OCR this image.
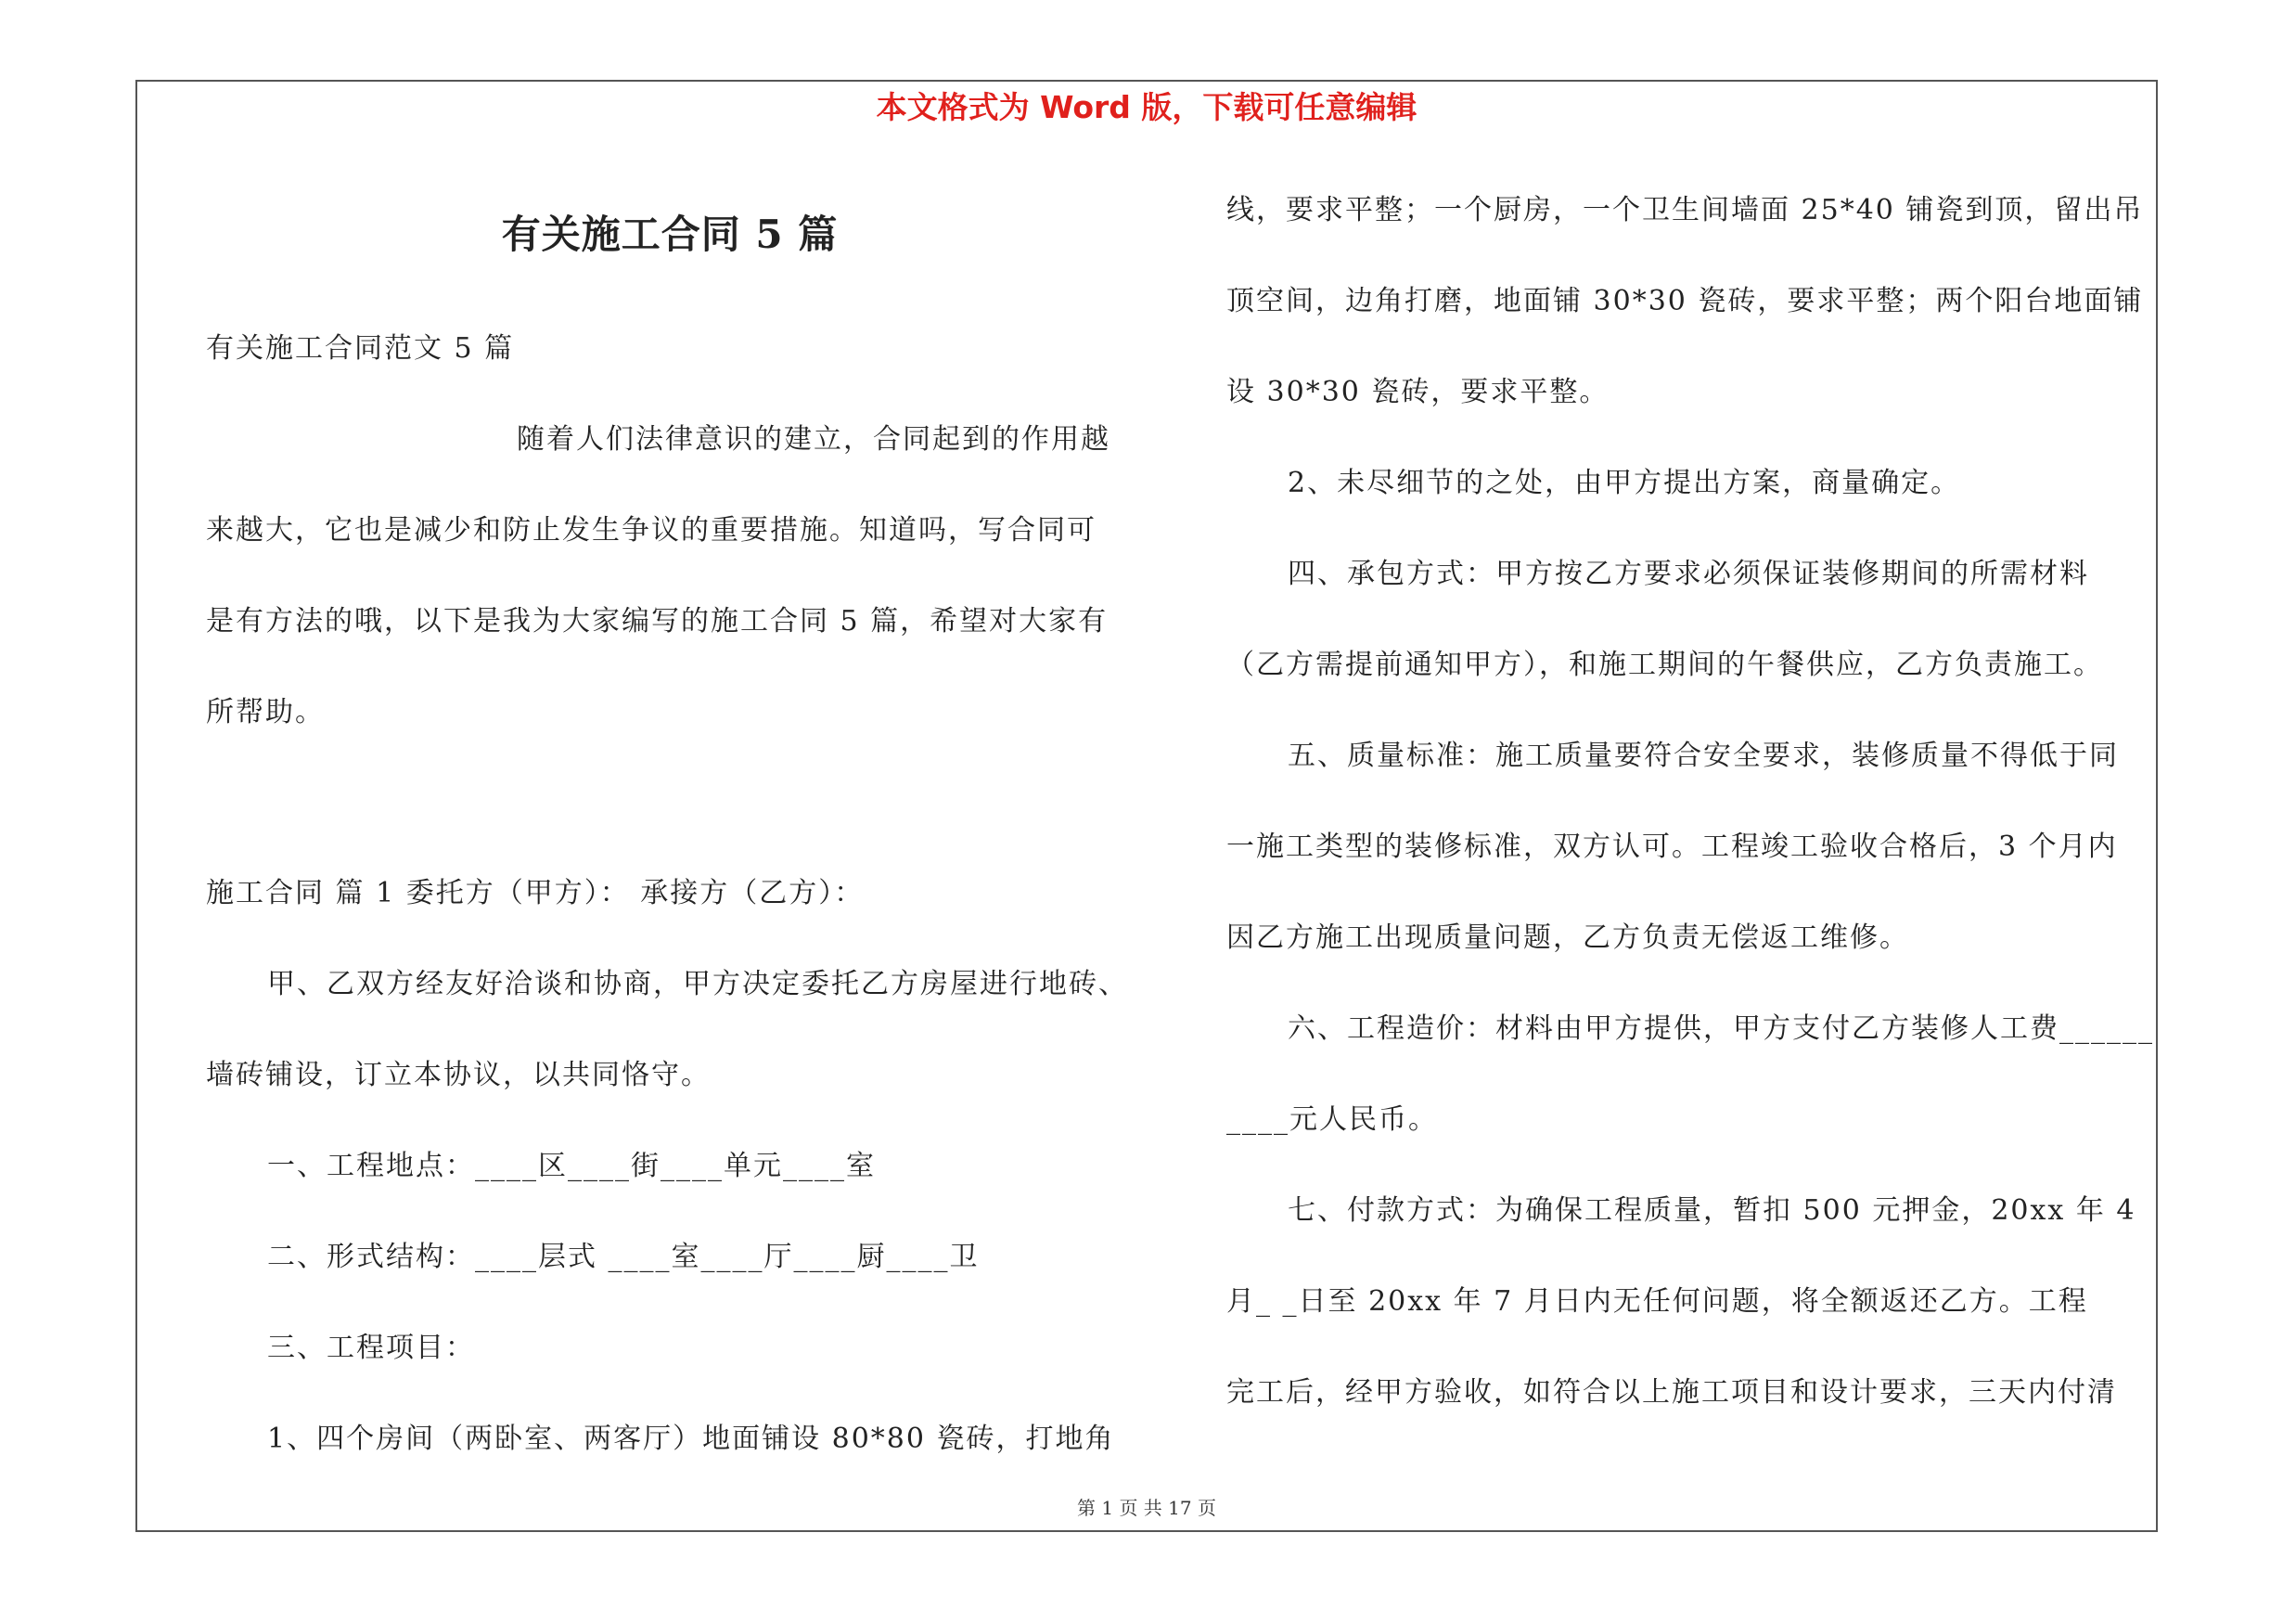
本文格式为 Word 版，下载可任意编辑
有关施工合同 5 篇
有关施工合同范文 5 篇
随着人们法律意识的建立，合同起到的作用越
来越大，它也是减少和防止发生争议的重要措施。知道吗，写合同可
是有方法的哦，以下是我为大家编写的施工合同 5 篇，希望对大家有
所帮助。
施工合同 篇 1 委托方（甲方）： 承接方（乙方）：
甲、乙双方经友好洽谈和协商，甲方决定委托乙方房屋进行地砖、
墙砖铺设，订立本协议，以共同恪守。
一、工程地点：____区____街____单元____室
二、形式结构：____层式 ____室____厅____厨____卫
三、工程项目：
1、四个房间（两卧室、两客厅）地面铺设 80*80 瓷砖，打地角
线，要求平整；一个厨房，一个卫生间墙面 25*40 铺瓷到顶，留出吊
顶空间，边角打磨，地面铺 30*30 瓷砖，要求平整；两个阳台地面铺
设 30*30 瓷砖，要求平整。
2、未尽细节的之处，由甲方提出方案，商量确定。
四、承包方式：甲方按乙方要求必须保证装修期间的所需材料
（乙方需提前通知甲方），和施工期间的午餐供应，乙方负责施工。
五、质量标准：施工质量要符合安全要求，装修质量不得低于同
一施工类型的装修标准，双方认可。工程竣工验收合格后，3 个月内
因乙方施工出现质量问题，乙方负责无偿返工维修。
六、工程造价：材料由甲方提供，甲方支付乙方装修人工费______
____元人民币。
七、付款方式：为确保工程质量，暂扣 500 元押金，20xx 年 4
月_ _日至 20xx 年 7 月日内无任何问题，将全额返还乙方。工程
完工后，经甲方验收，如符合以上施工项目和设计要求，三天内付清
第 1 页 共 17 页
